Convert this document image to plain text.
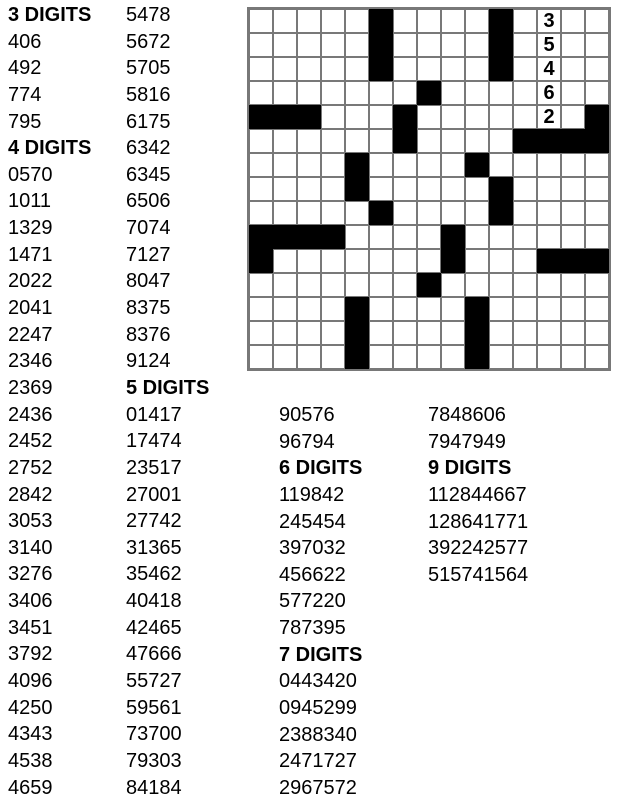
3 DIGITS
406
492
774
795
4 DIGITS
0570
1011
1329
1471
2022
2041
2247
2346
2369
2436
2452
2752
2842
3053
3140
3276
3406
3451
3792
4096
4250
4343
4538
4659
5478
5672
5705
5816
6175
6342
6345
6506
7074
7127
8047
8375
8376
9124
5 DIGITS
01417
17474
23517
27001
27742
31365
35462
40418
42465
47666
55727
59561
73700
79303
84184
90576
96794
6 DIGITS
119842
245454
397032
456622
577220
787395
7 DIGITS
0443420
0945299
2388340
2471727
2967572
7848606
7947949
9 DIGITS
112844667
128641771
392242577
515741564
3
5
4
6
2
